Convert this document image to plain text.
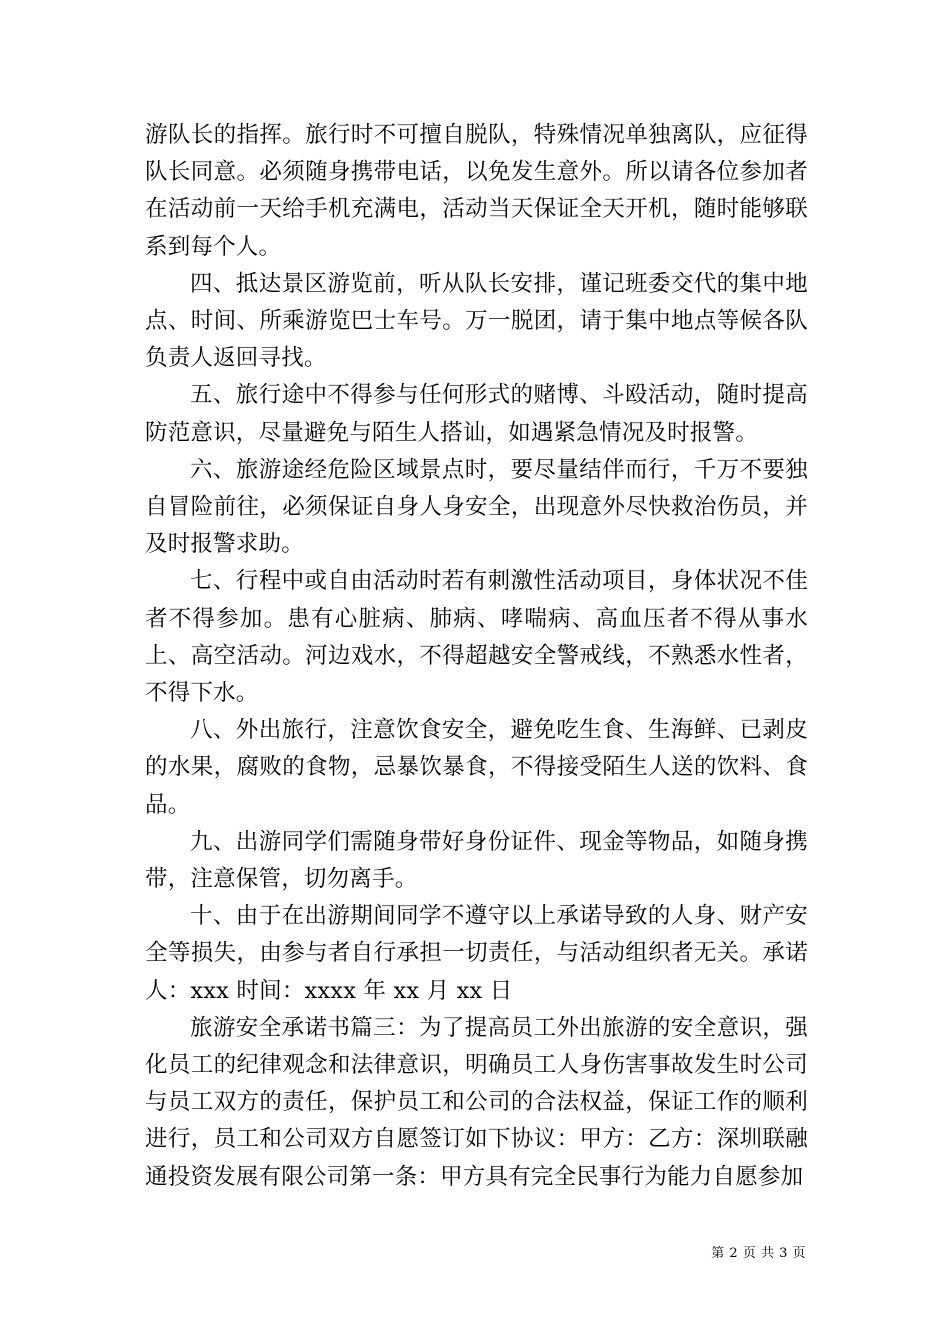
游队长的指挥。旅行时不可擅自脱队，特殊情况单独离队，应征得队长同意。必须随身携带电话，以免发生意外。所以请各位参加者在活动前一天给手机充满电，活动当天保证全天开机，随时能够联系到每个人。

四、抵达景区游览前，听从队长安排，谨记班委交代的集中地点、时间、所乘游览巴士车号。万一脱团，请于集中地点等候各队负责人返回寻找。

五、旅行途中不得参与任何形式的赌博、斗殴活动，随时提高防范意识，尽量避免与陌生人搭讪，如遇紧急情况及时报警。

六、旅游途经危险区域景点时，要尽量结伴而行，千万不要独自冒险前往，必须保证自身人身安全，出现意外尽快救治伤员，并及时报警求助。

七、行程中或自由活动时若有刺激性活动项目，身体状况不佳者不得参加。患有心脏病、肺病、哮喘病、高血压者不得从事水上、高空活动。河边戏水，不得超越安全警戒线，不熟悉水性者，不得下水。

八、外出旅行，注意饮食安全，避免吃生食、生海鲜、已剥皮的水果，腐败的食物，忌暴饮暴食，不得接受陌生人送的饮料、食品。

九、出游同学们需随身带好身份证件、现金等物品，如随身携带，注意保管，切勿离手。

十、由于在出游期间同学不遵守以上承诺导致的人身、财产安全等损失，由参与者自行承担一切责任，与活动组织者无关。承诺人：xxx 时间：xxxx 年 xx 月 xx 日

旅游安全承诺书篇三：为了提高员工外出旅游的安全意识，强化员工的纪律观念和法律意识，明确员工人身伤害事故发生时公司与员工双方的责任，保护员工和公司的合法权益，保证工作的顺利进行，员工和公司双方自愿签订如下协议：甲方：乙方：深圳联融通投资发展有限公司第一条：甲方具有完全民事行为能力自愿参加

第 2 页 共 3 页
